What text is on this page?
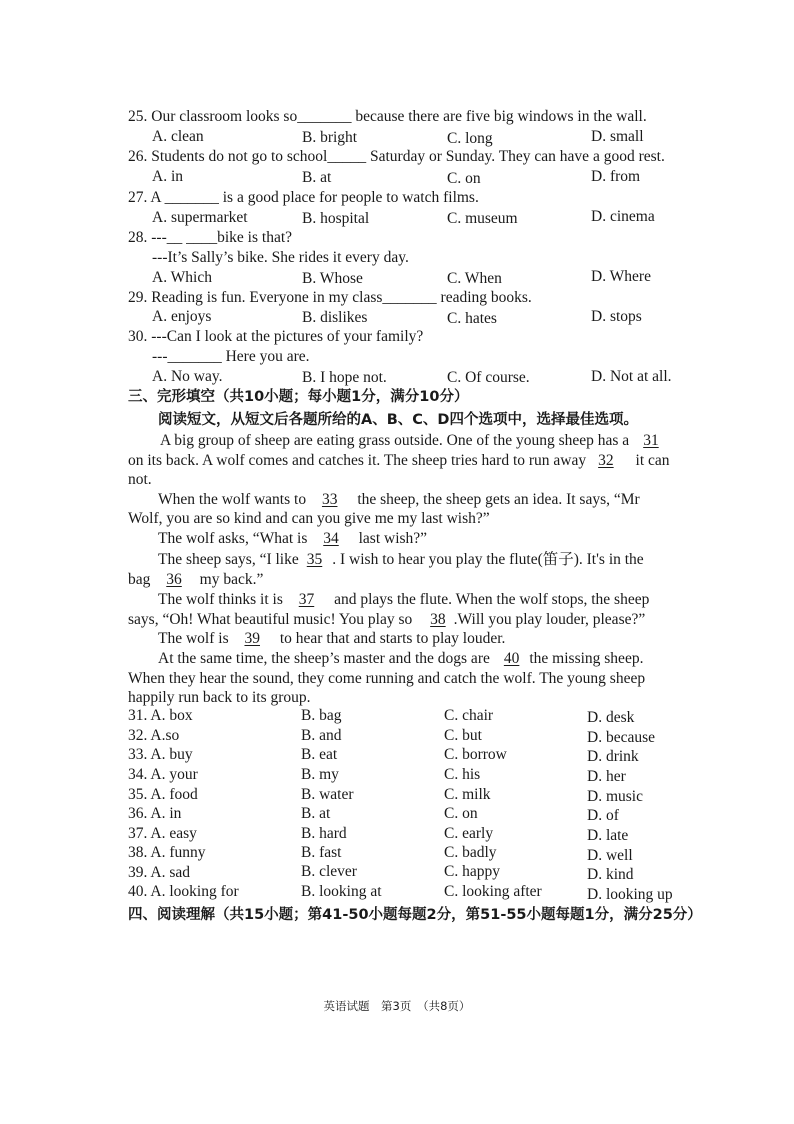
25. Our classroom looks so_______ because there are five big windows in the wall.
A. clean	B. bright	C. long	D. small
26. Students do not go to school_____ Saturday or Sunday. They can have a good rest.
A. in	B. at	C. on	D. from
27. A _______ is a good place for people to watch films.
A. supermarket	B. hospital	C. museum	D. cinema
28. ---__ ____bike is that?
---It’s Sally’s bike. She rides it every day.
A. Which	B. Whose	C. When	D. Where
29. Reading is fun. Everyone in my class_______ reading books.
A. enjoys	B. dislikes	C. hates	D. stops
30. ---Can I look at the pictures of your family?
---_______ Here you are.
A. No way.	B. I hope not.	C. Of course.	D. Not at all.
三、完形填空（共10小题；每小题1分，满分10分）
阅读短文，从短文后各题所给的A、B、C、D四个选项中，选择最佳选项。
A big group of sheep are eating grass outside. One of the young sheep has a 31
on its back. A wolf comes and catches it. The sheep tries hard to run away 32 it can
not.
When the wolf wants to 33 the sheep, the sheep gets an idea. It says, “Mr
Wolf, you are so kind and can you give me my last wish?”
The wolf asks, “What is 34 last wish?”
The sheep says, “I like 35 . I wish to hear you play the flute(笛子). It's in the
bag 36 my back.”
The wolf thinks it is 37 and plays the flute. When the wolf stops, the sheep
says, “Oh! What beautiful music! You play so 38 .Will you play louder, please?”
The wolf is 39 to hear that and starts to play louder.
At the same time, the sheep’s master and the dogs are 40 the missing sheep.
When they hear the sound, they come running and catch the wolf. The young sheep
happily run back to its group.
31. A. box	B. bag	C. chair	D. desk
32. A.so	B. and	C. but	D. because
33. A. buy	B. eat	C. borrow	D. drink
34. A. your	B. my	C. his	D. her
35. A. food	B. water	C. milk	D. music
36. A. in	B. at	C. on	D. of
37. A. easy	B. hard	C. early	D. late
38. A. funny	B. fast	C. badly	D. well
39. A. sad	B. clever	C. happy	D. kind
40. A. looking for	B. looking at	C. looking after	D. looking up
四、阅读理解（共15小题；第41-50小题每题2分，第51-55小题每题1分，满分25分）
英语试题　第3页　（共8页）
